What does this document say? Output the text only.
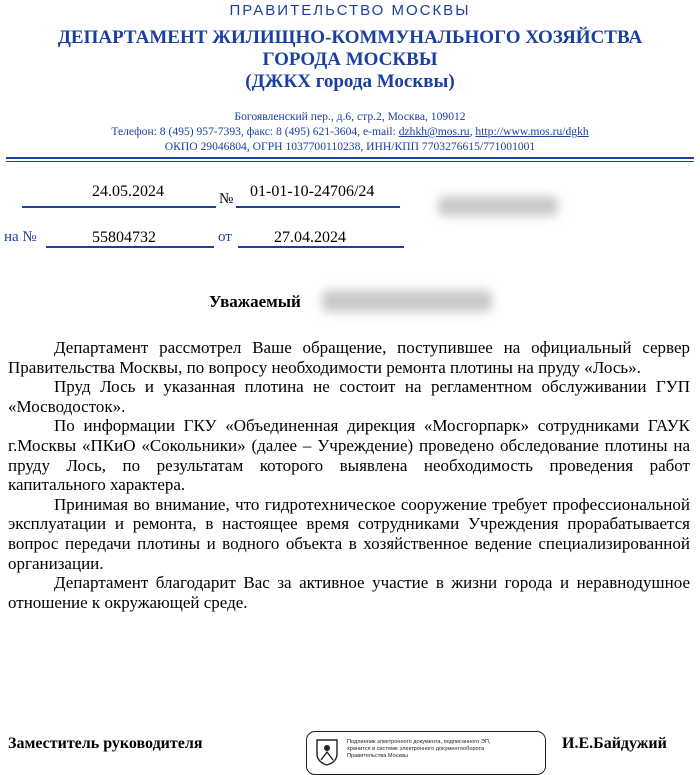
ПРАВИТЕЛЬСТВО МОСКВЫ
ДЕПАРТАМЕНТ ЖИЛИЩНО-КОММУНАЛЬНОГО ХОЗЯЙСТВА
ГОРОДА МОСКВЫ
(ДЖКХ города Москвы)
Богоявленский пер., д.6, стр.2, Москва, 109012
Телефон: 8 (495) 957-7393, факс: 8 (495) 621-3604, e-mail: dzhkh@mos.ru, http://www.mos.ru/dgkh
ОКПО 29046804, ОГРН 1037700110238, ИНН/КПП 7703276615/771001001
24.05.2024	№ 01-01-10-24706/24
на №	55804732	от	27.04.2024
Уважаемый

Департамент рассмотрел Ваше обращение, поступившее на официальный сервер Правительства Москвы, по вопросу необходимости ремонта плотины на пруду «Лось».

Пруд Лось и указанная плотина не состоит на регламентном обслуживании ГУП «Мосводосток».

По информации ГКУ «Объединенная дирекция «Мосгорпарк» сотрудниками ГАУК г.Москвы «ПКиО «Сокольники» (далее – Учреждение) проведено обследование плотины на пруду Лось, по результатам которого выявлена необходимость проведения работ капитального характера.

Принимая во внимание, что гидротехническое сооружение требует профессиональной эксплуатации и ремонта, в настоящее время сотрудниками Учреждения прорабатывается вопрос передачи плотины и водного объекта в хозяйственное ведение специализированной организации.

Департамент благодарит Вас за активное участие в жизни города и неравнодушное отношение к окружающей среде.

Заместитель руководителя	Подлинник электронного документа, подписанного ЭП,
хранится в системе электронного документооборота
Правительства Москвы
И.Е.Байдужий
